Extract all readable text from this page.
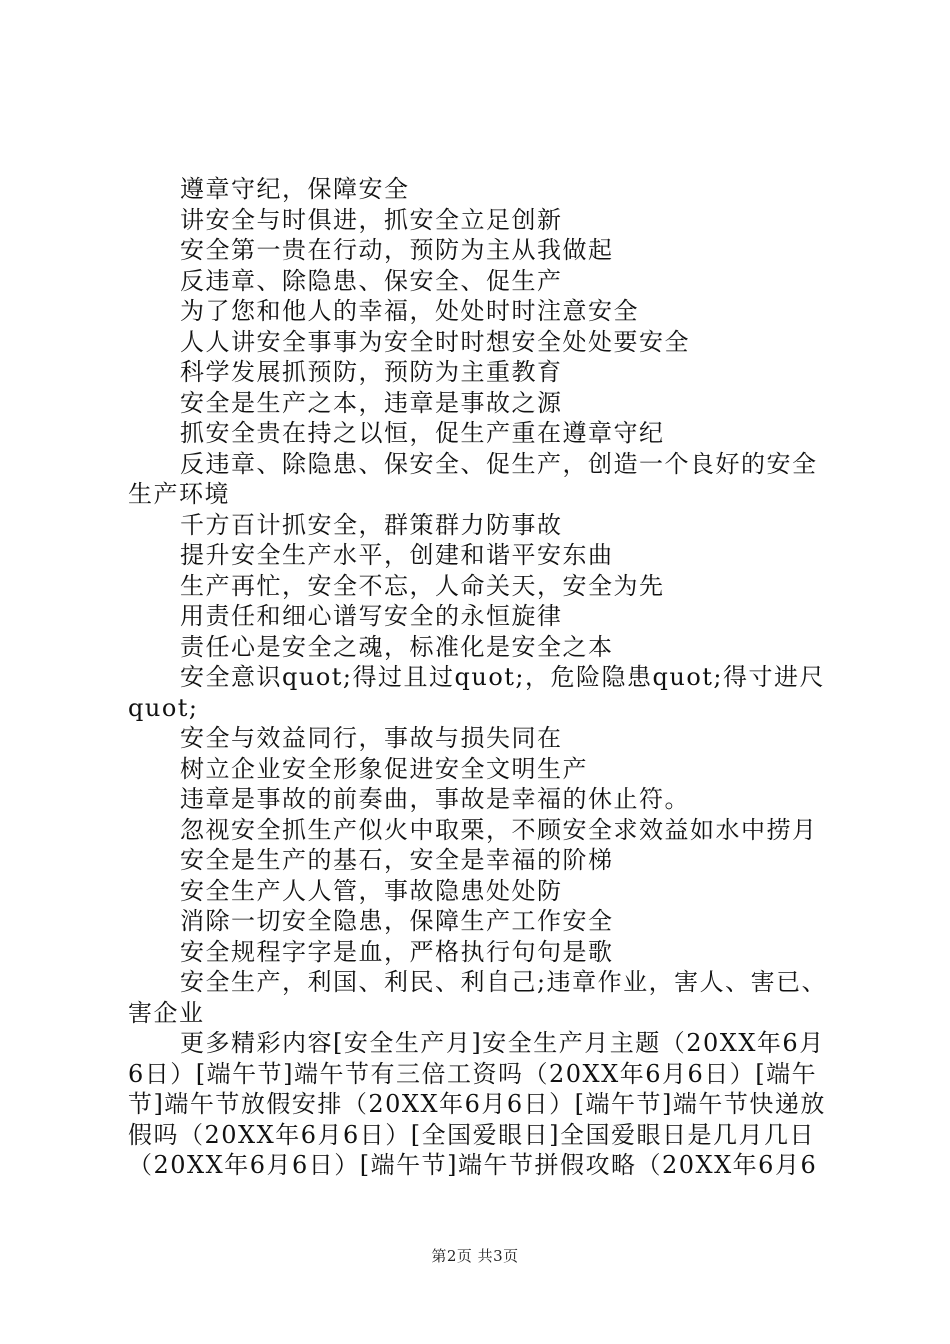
遵章守纪，保障安全

讲安全与时俱进，抓安全立足创新

安全第一贵在行动，预防为主从我做起

反违章、除隐患、保安全、促生产

为了您和他人的幸福，处处时时注意安全

人人讲安全事事为安全时时想安全处处要安全

科学发展抓预防，预防为主重教育

安全是生产之本，违章是事故之源

抓安全贵在持之以恒，促生产重在遵章守纪

反违章、除隐患、保安全、促生产，创造一个良好的安全生产环境

千方百计抓安全，群策群力防事故

提升安全生产水平，创建和谐平安东曲

生产再忙，安全不忘，人命关天，安全为先

用责任和细心谱写安全的永恒旋律

责任心是安全之魂，标准化是安全之本

安全意识quot;得过且过quot;，危险隐患quot;得寸进尺quot;

安全与效益同行，事故与损失同在

树立企业安全形象促进安全文明生产

违章是事故的前奏曲，事故是幸福的休止符。

忽视安全抓生产似火中取栗，不顾安全求效益如水中捞月

安全是生产的基石，安全是幸福的阶梯

安全生产人人管，事故隐患处处防

消除一切安全隐患，保障生产工作安全

安全规程字字是血，严格执行句句是歌

安全生产，利国、利民、利自己;违章作业，害人、害已、害企业

更多精彩内容[安全生产月]安全生产月主题（20XX年6月6日）[端午节]端午节有三倍工资吗（20XX年6月6日）[端午节]端午节放假安排（20XX年6月6日）[端午节]端午节快递放假吗（20XX年6月6日）[全国爱眼日]全国爱眼日是几月几日（20XX年6月6日）[端午节]端午节拼假攻略（20XX年6月6

第2页 共3页
